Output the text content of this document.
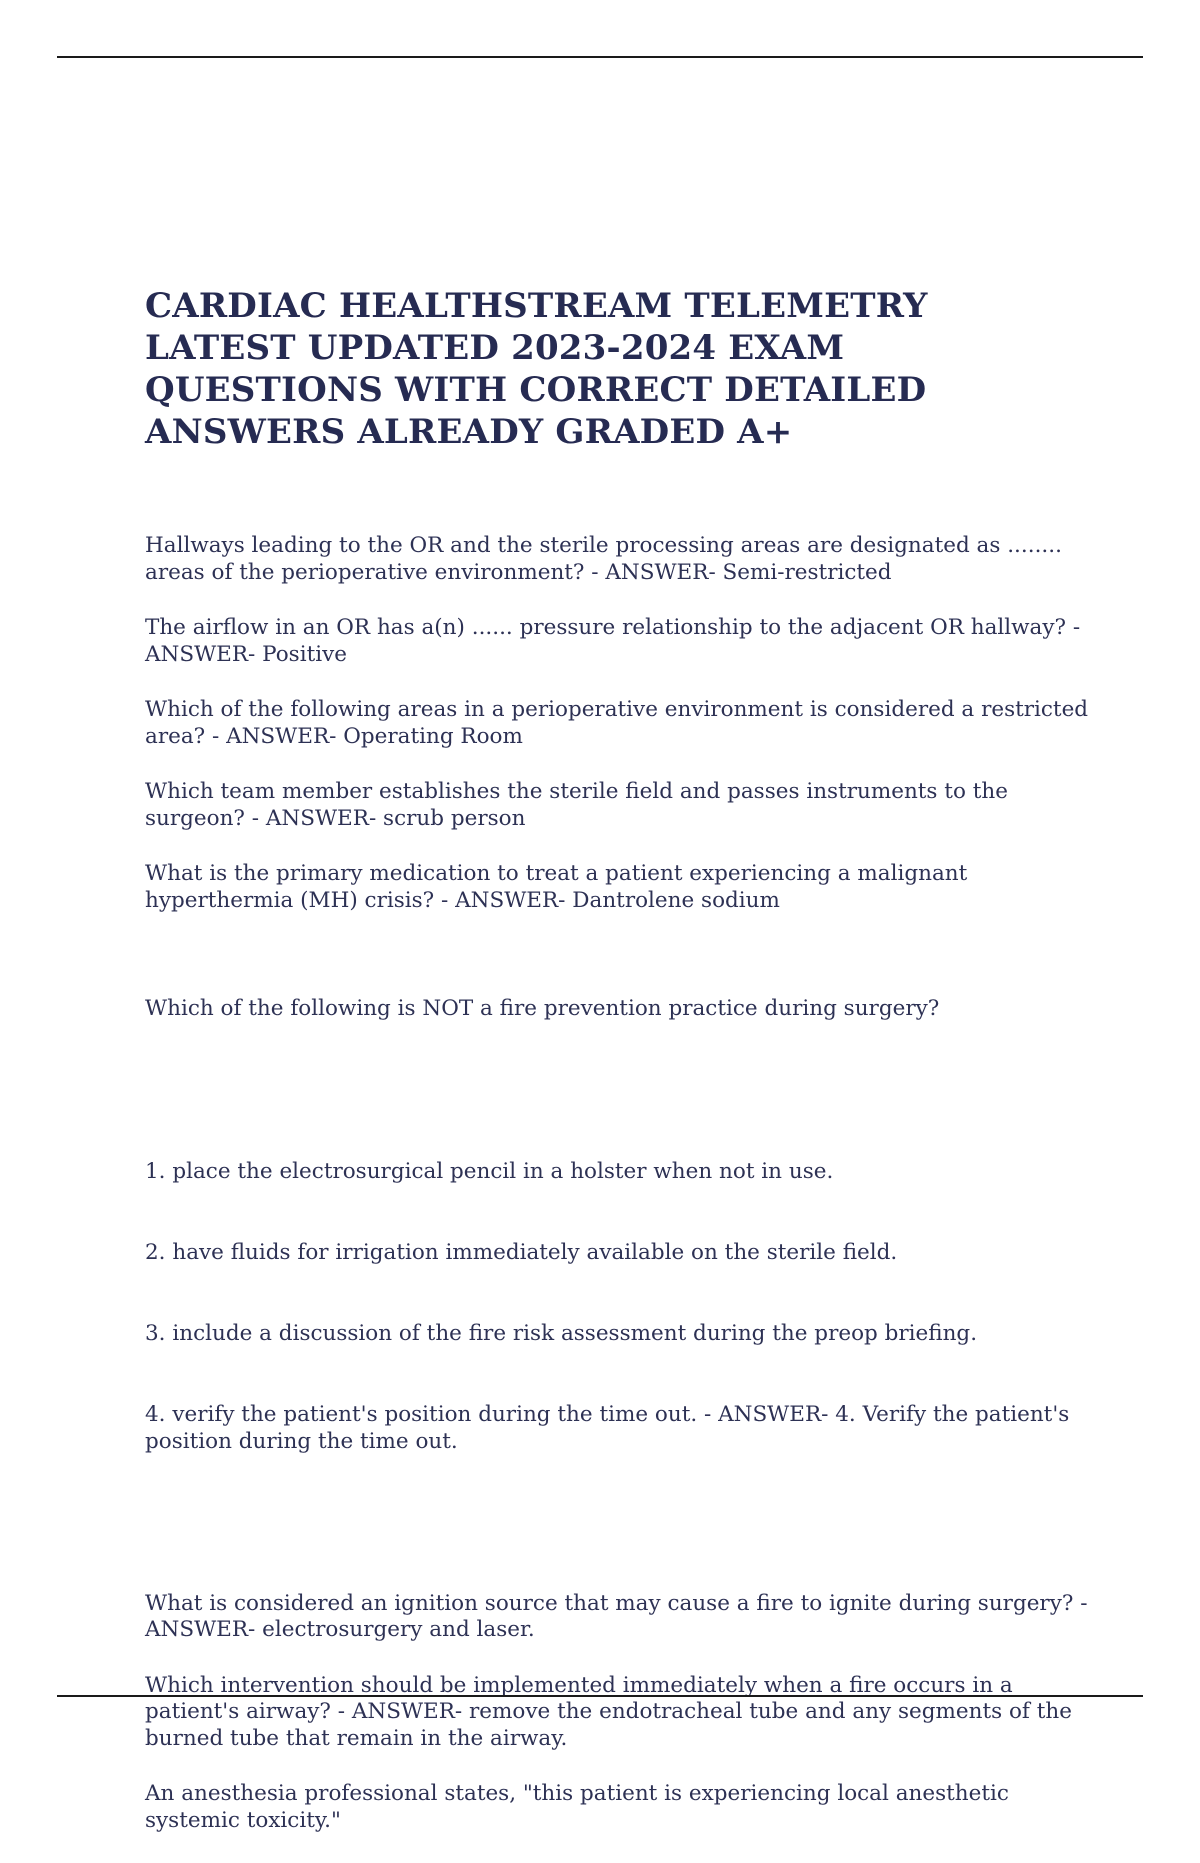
CARDIAC HEALTHSTREAM TELEMETRY LATEST UPDATED 2023-2024 EXAM QUESTIONS WITH CORRECT DETAILED ANSWERS ALREADY GRADED A+

Hallways leading to the OR and the sterile processing areas are designated as ........ areas of the perioperative environment? - ANSWER- Semi-restricted

The airflow in an OR has a(n) ...... pressure relationship to the adjacent OR hallway? - ANSWER- Positive

Which of the following areas in a perioperative environment is considered a restricted area? - ANSWER- Operating Room

Which team member establishes the sterile field and passes instruments to the surgeon? - ANSWER- scrub person

What is the primary medication to treat a patient experiencing a malignant hyperthermia (MH) crisis? - ANSWER- Dantrolene sodium

Which of the following is NOT a fire prevention practice during surgery?

1. place the electrosurgical pencil in a holster when not in use.

2. have fluids for irrigation immediately available on the sterile field.

3. include a discussion of the fire risk assessment during the preop briefing.

4. verify the patient's position during the time out. - ANSWER- 4. Verify the patient's position during the time out.

What is considered an ignition source that may cause a fire to ignite during surgery? - ANSWER- electrosurgery and laser.

Which intervention should be implemented immediately when a fire occurs in a patient's airway? - ANSWER- remove the endotracheal tube and any segments of the burned tube that remain in the airway.

An anesthesia professional states, "this patient is experiencing local anesthetic systemic toxicity."
